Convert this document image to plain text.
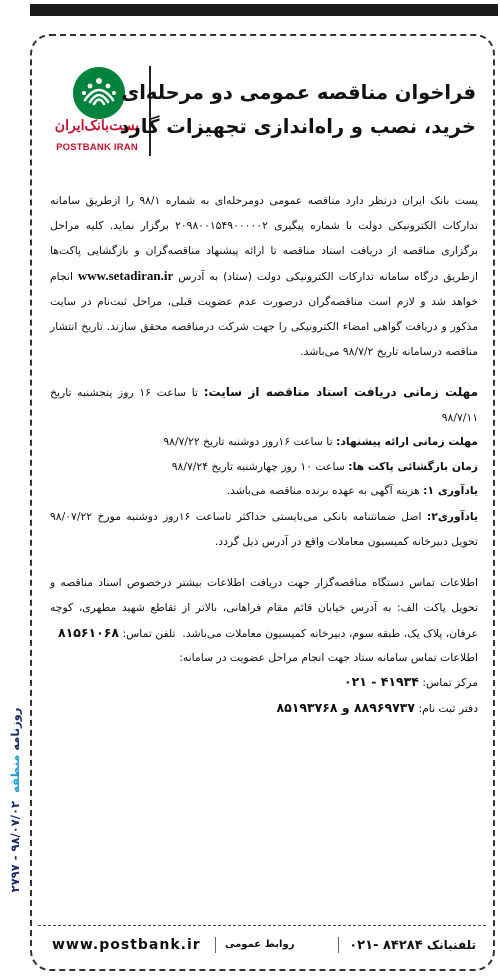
روزنامه منطقه
۹۸/۰۷/۰۲ - ۲۷۹۷
پست‌بانک‌ایران
POSTBANK IRAN
فراخوان مناقصه عمومی دو مرحله‌ای
خرید، نصب و راه‌اندازی تجهیزات گارد

پست بانک ایران درنظر دارد مناقصه عمومی دومرحله‌ای به شماره ۹۸/۱ را ازطریق سامانه تدارکات الکترونیکی دولت با شماره پیگیری ۲۰۹۸۰۰۱۵۴۹۰۰۰۰۰۲ برگزار نماید. کلیه مراحل برگزاری مناقصه از دریافت اسناد مناقصه تا ارائه پیشنهاد مناقصه‌گران و بازگشایی پاکت‌ها ازطریق درگاه سامانه تدارکات الکترونیکی دولت (ستاد) به آدرس www.setadiran.ir انجام خواهد شد و لازم است مناقصه‌گران درصورت عدم عضویت قبلی، مراحل ثبت‌نام در سایت مذکور و دریافت گواهی امضاء الکترونیکی را جهت شرکت درمناقصه محقق سازند. تاریخ انتشار مناقصه درسامانه تاریخ ۹۸/۷/۲ می‌باشد.

مهلت زمانی دریافت اسناد مناقصه از سایت: تا ساعت ۱۶ روز پنجشنبه تاریخ ۹۸/۷/۱۱

مهلت زمانی ارائه پیشنهاد: تا ساعت ۱۶روز دوشنبه تاریخ ۹۸/۷/۲۲

زمان بازگشائی پاکت ها: ساعت ۱۰ روز چهارشنبه تاریخ ۹۸/۷/۲۴

یادآوری ۱: هزینه آگهی به عهده برنده مناقصه می‌باشد.

یادآوری۲: اصل ضمانتنامه بانکی می‌بایستی حداکثر تاساعت ۱۶روز دوشنبه مورخ ۹۸/۰۷/۲۲ تحویل دبیرخانه کمیسیون معاملات واقع در آدرس ذیل گردد.

اطلاعات تماس دستگاه مناقصه‌گزار جهت دریافت اطلاعات بیشتر درخصوص اسناد مناقصه و تحویل پاکت الف: به آدرس خیابان قائم مقام فراهانی، بالاتر از تقاطع شهید مطهری، کوچه عرفان، پلاک یک، طبقه سوم، دبیرخانه کمیسیون معاملات می‌باشد.  تلفن تماس: ۸۱۵۶۱۰۶۸

اطلاعات تماس سامانه ستاد جهت انجام مراحل عضویت در سامانه:

مرکز تماس: ۴۱۹۳۴ - ۰۲۱

دفتر ثبت نام: ۸۸۹۶۹۷۳۷ و ۸۵۱۹۳۷۶۸

تلفنبانک ۸۴۲۸۴ -۰۲۱
روابط عمومی
www.postbank.ir
